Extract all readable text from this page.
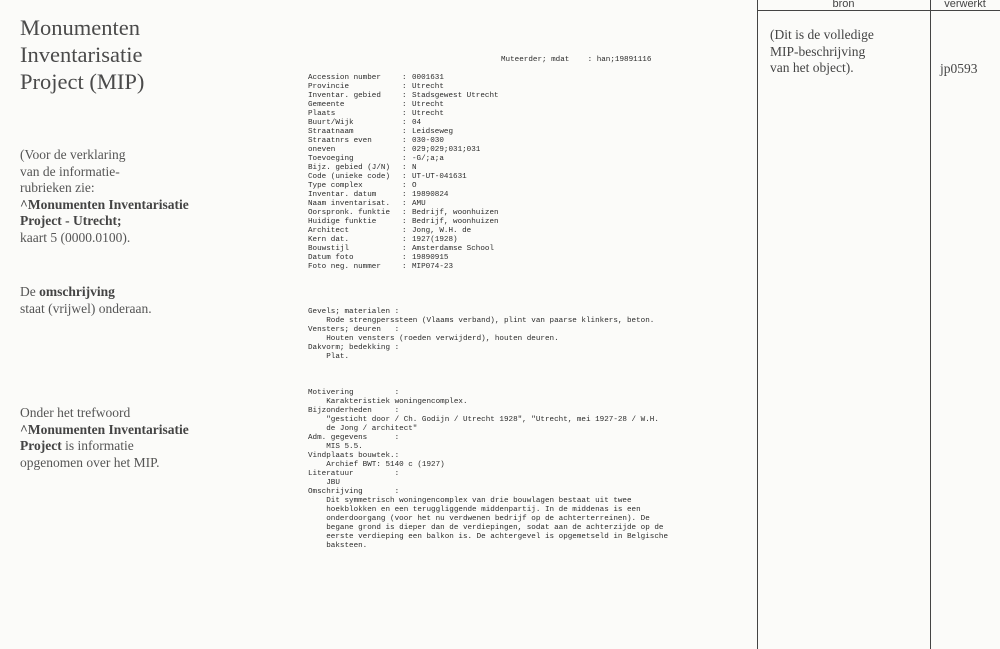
Monumenten
Inventarisatie
Project (MIP)
(Voor de verklaring
van de informatie-
rubrieken zie:
^Monumenten Inventarisatie
Project - Utrecht;
kaart 5 (0000.0100).
De omschrijving
staat (vrijwel) onderaan.
Onder het trefwoord
^Monumenten Inventarisatie
Project is informatie
opgenomen over het MIP.

Accession number	: 0001631
Provincie	: Utrecht
Inventar. gebied	: Stadsgewest Utrecht
Gemeente	: Utrecht
Plaats	: Utrecht
Buurt/Wijk	: 04
Straatnaam	: Leidseweg
Straatnrs even	: 030-030
oneven	: 029;029;031;031
Toevoeging	: -G/;a;a
Bijz. gebied (J/N) : N
Code (unieke code) : UT-UT-041631
Type complex	: O
Inventar. datum	: 19890824
Naam inventarisat. : AMU
Oorspronk. funktie : Bedrijf, woonhuizen
Huidige funktie	: Bedrijf, woonhuizen
Architect	: Jong, W.H. de
Kern dat.	: 1927(1928)
Bouwstijl	: Amsterdamse School
Datum foto	: 19890915
Foto neg. nummer	: MIP074-23

Muteerder; mdat    : han;19891116

Gevels; materialen :
Rode strengperssteen (Vlaams verband), plint van paarse klinkers, beton.
Vensters; deuren   :
Houten vensters (roeden verwijderd), houten deuren.
Dakvorm; bedekking :
Plat.

Motivering         :
Karakteristiek woningencomplex.
Bijzonderheden     :
"gesticht door / Ch. Godijn / Utrecht 1928", "Utrecht, mei 1927-28 / W.H.
de Jong / architect"
Adm. gegevens      :
MIS 5.5.
Vindplaats bouwtek.:
Archief BWT: 5140 c (1927)
Literatuur         :
JBU
Omschrijving       :
Dit symmetrisch woningencomplex van drie bouwlagen bestaat uit twee
hoekblokken en een teruggliggende middenpartij. In de middenas is een
onderdoorgang (voor het nu verdwenen bedrijf op de achterterreinen). De
begane grond is dieper dan de verdiepingen, sodat aan de achterzijde op de
eerste verdieping een balkon is. De achtergevel is opgemetseld in Belgische
baksteen.

bron	verwerkt
(Dit is de volledige
MIP-beschrijving
van het object).	jp0593
